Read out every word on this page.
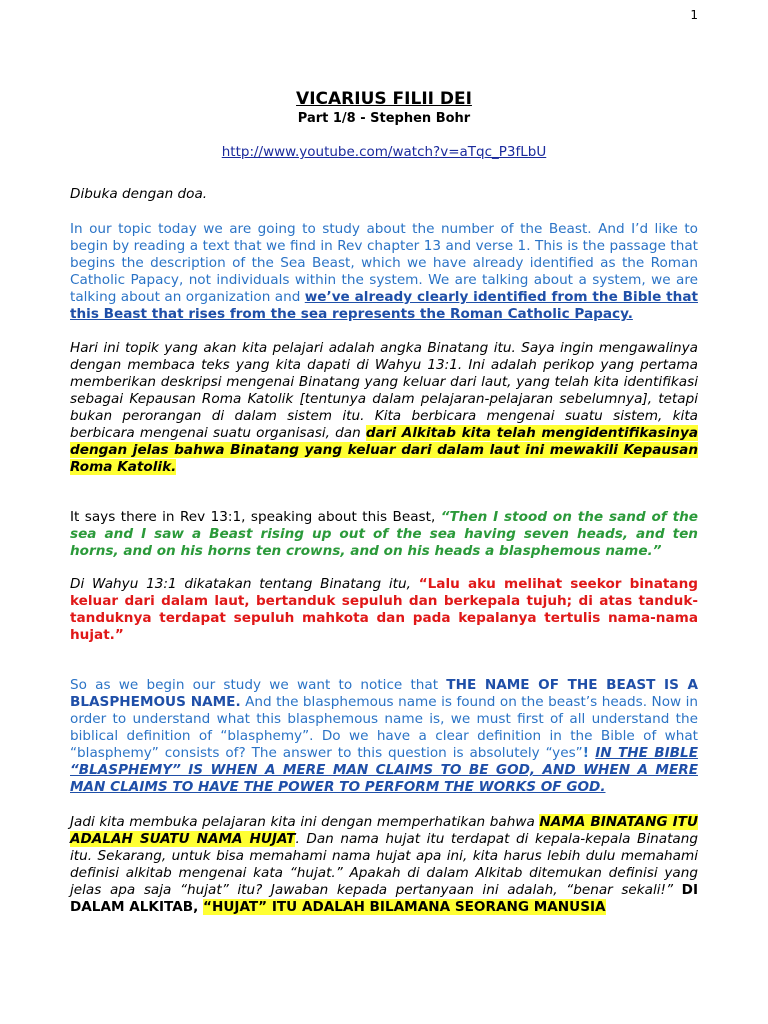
1
VICARIUS FILII DEI
Part 1/8 - Stephen Bohr
http://www.youtube.com/watch?v=aTqc_P3fLbU

Dibuka dengan doa.

In our topic today we are going to study about the number of the Beast. And I’d like to begin by reading a text that we find in Rev chapter 13 and verse 1. This is the passage that begins the description of the Sea Beast, which we have already identified as the Roman Catholic Papacy, not individuals within the system. We are talking about a system, we are talking about an organization and we’ve already clearly identified from the Bible that this Beast that rises from the sea represents the Roman Catholic Papacy.

Hari ini topik yang akan kita pelajari adalah angka Binatang itu. Saya ingin mengawalinya dengan membaca teks yang kita dapati di Wahyu 13:1. Ini adalah perikop yang pertama memberikan deskripsi mengenai Binatang yang keluar dari laut, yang telah kita identifikasi sebagai Kepausan Roma Katolik [tentunya dalam pelajaran-pelajaran sebelumnya], tetapi bukan perorangan di dalam sistem itu. Kita berbicara mengenai suatu sistem, kita berbicara mengenai suatu organisasi, dan dari Alkitab kita telah mengidentifikasinya dengan jelas bahwa Binatang yang keluar dari dalam laut ini mewakili Kepausan Roma Katolik.

It says there in Rev 13:1, speaking about this Beast, “Then I stood on the sand of the sea and I saw a Beast rising up out of the sea having seven heads, and ten horns, and on his horns ten crowns, and on his heads a blasphemous name.”

Di Wahyu 13:1 dikatakan tentang Binatang itu, “Lalu aku melihat seekor binatang keluar dari dalam laut, bertanduk sepuluh dan berkepala tujuh; di atas tanduk-tanduknya terdapat sepuluh mahkota dan pada kepalanya tertulis nama-nama hujat.”

So as we begin our study we want to notice that THE NAME OF THE BEAST IS A BLASPHEMOUS NAME. And the blasphemous name is found on the beast’s heads. Now in order to understand what this blasphemous name is, we must first of all understand the biblical definition of “blasphemy”. Do we have a clear definition in the Bible of what “blasphemy” consists of? The answer to this question is absolutely “yes”! IN THE BIBLE “BLASPHEMY” IS WHEN A MERE MAN CLAIMS TO BE GOD, AND WHEN A MERE MAN CLAIMS TO HAVE THE POWER TO PERFORM THE WORKS OF GOD.

Jadi kita membuka pelajaran kita ini dengan memperhatikan bahwa NAMA BINATANG ITU ADALAH SUATU NAMA HUJAT. Dan nama hujat itu terdapat di kepala-kepala Binatang itu. Sekarang, untuk bisa memahami nama hujat apa ini, kita harus lebih dulu memahami definisi alkitab mengenai kata “hujat.” Apakah di dalam Alkitab ditemukan definisi yang jelas apa saja “hujat” itu? Jawaban kepada pertanyaan ini adalah, “benar sekali!” DI DALAM ALKITAB, “HUJAT” ITU ADALAH BILAMANA SEORANG MANUSIA
